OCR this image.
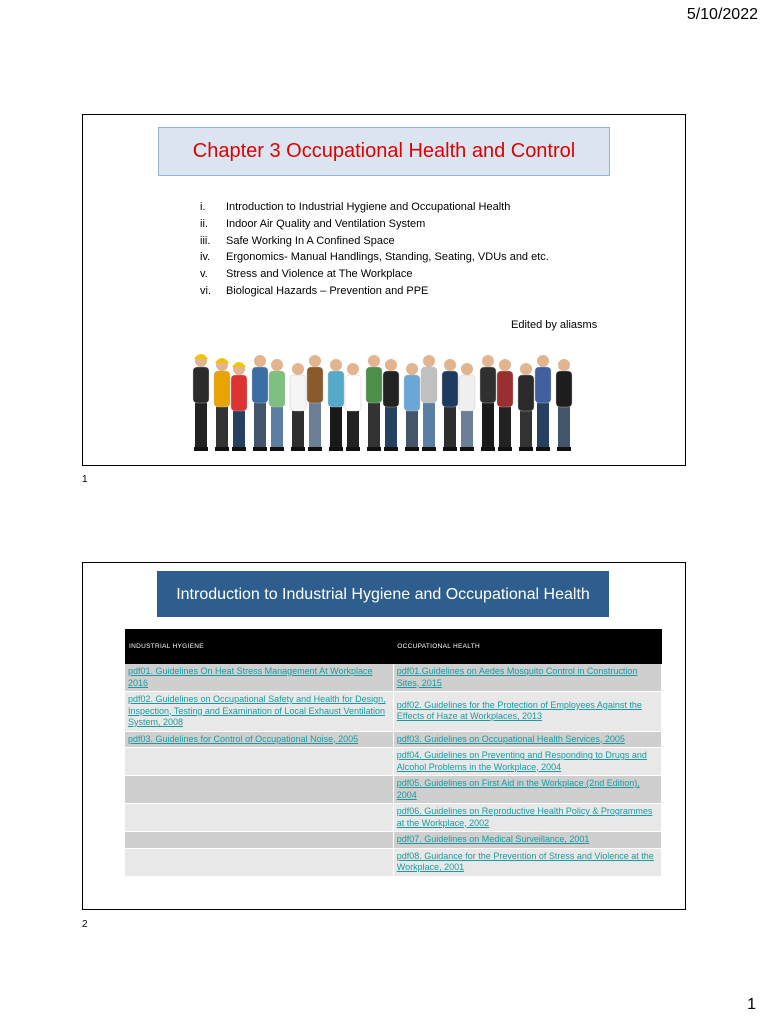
5/10/2022
Chapter 3 Occupational Health and Control
i.	Introduction to Industrial Hygiene and Occupational Health
ii.	Indoor Air Quality and Ventilation System
iii.	Safe Working In A Confined Space
iv.	Ergonomics- Manual Handlings, Standing, Seating, VDUs and etc.
v.	Stress and Violence at The Workplace
vi.	Biological Hazards – Prevention and PPE
Edited by aliasms
1
Introduction to Industrial Hygiene and Occupational Health
INDUSTRIAL HYGIENE	OCCUPATIONAL HEALTH
pdf01. Guidelines On Heat Stress Management At Workplace 2016	pdf01.Guidelines on Aedes Mosquito Control in Construction Sites, 2015
pdf02. Guidelines on Occupational Safety and Health for Design, Inspection, Testing and Examination of Local Exhaust Ventilation System, 2008	pdf02. Guidelines for the Protection of Employees Against the Effects of Haze at Workplaces, 2013
pdf03. Guidelines for Control of Occupational Noise, 2005	pdf03. Guidelines on Occupational Health Services, 2005
	pdf04. Guidelines on Preventing and Responding to Drugs and Alcohol Problems in the Workplace, 2004
	pdf05. Guidelines on First Aid in the Workplace (2nd Edition), 2004
	pdf06. Guidelines on Reproductive Health Policy & Programmes at the Workplace, 2002
	pdf07. Guidelines on Medical Surveillance, 2001
	pdf08. Guidance for the Prevention of Stress and Violence at the Workplace, 2001
2
1
